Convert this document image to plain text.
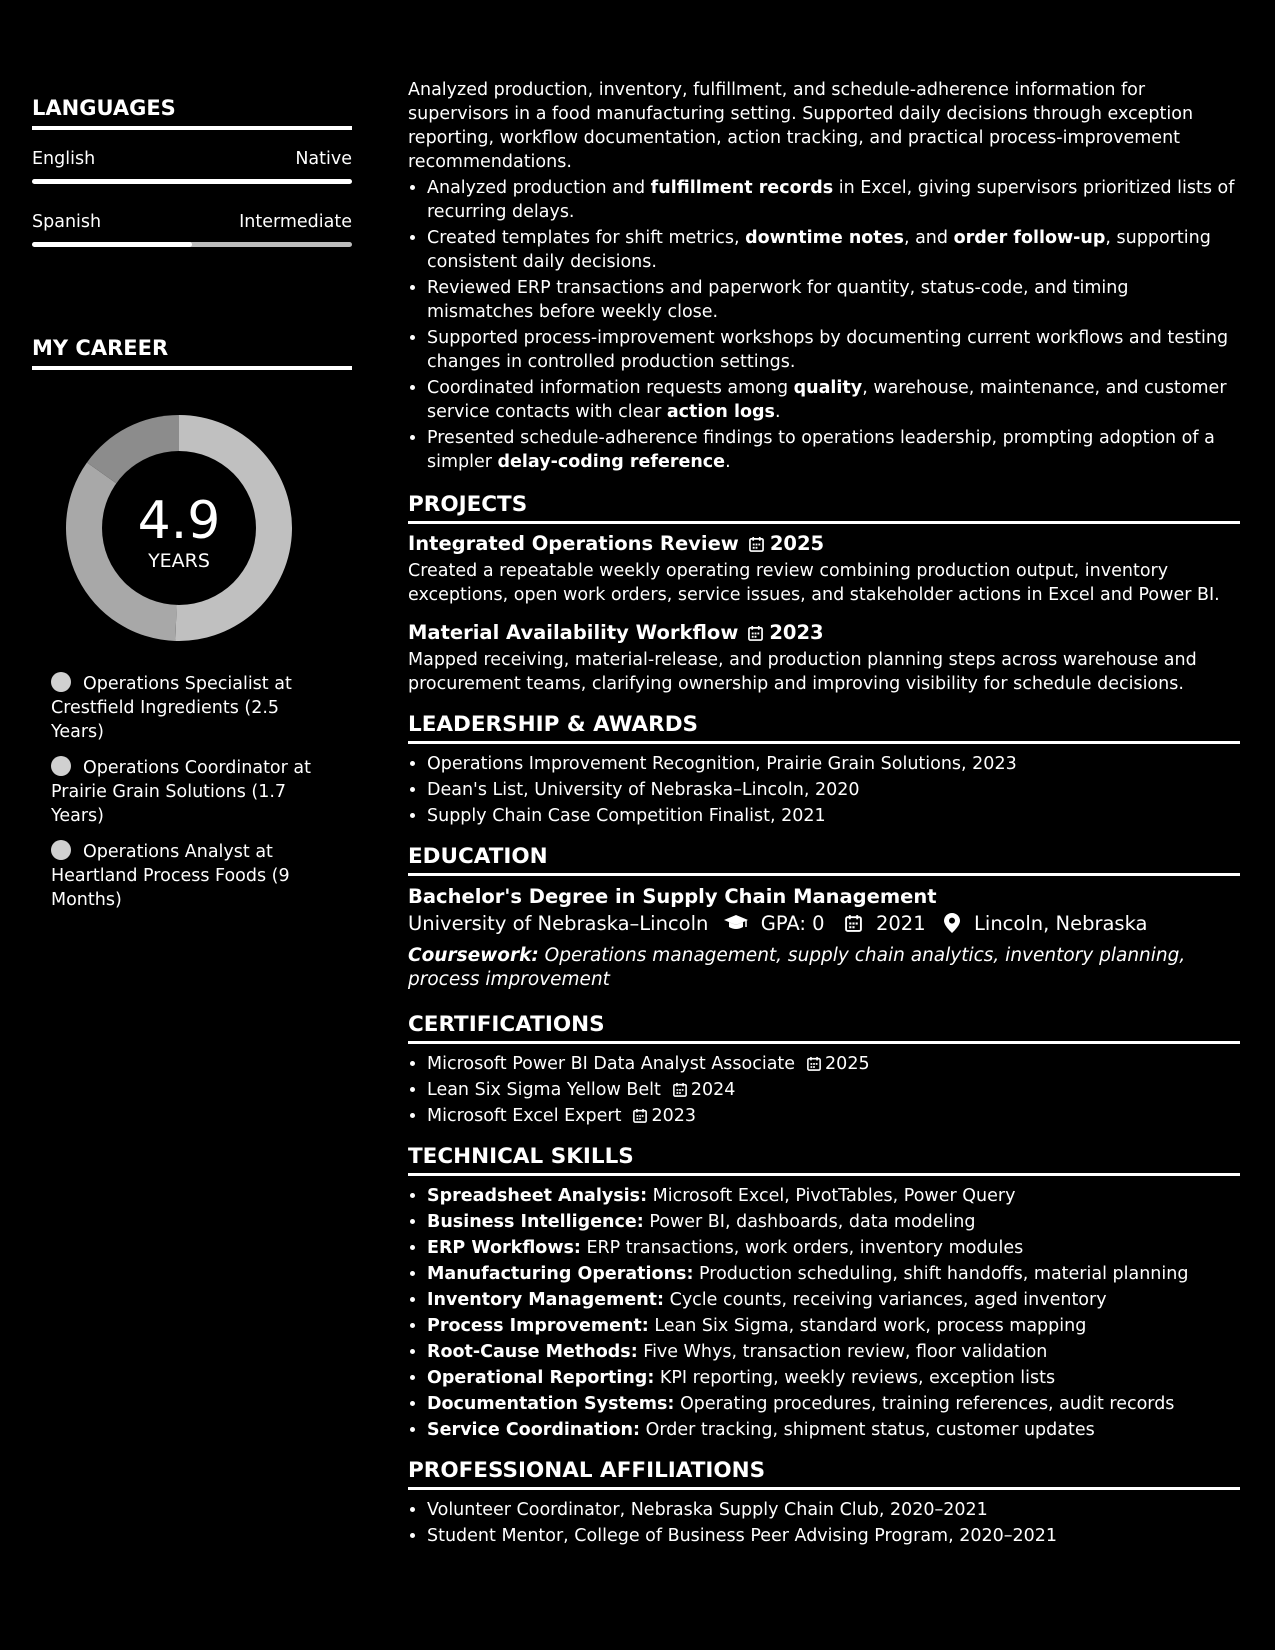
LANGUAGES
English	Native
Spanish	Intermediate
MY CAREER
4.9
YEARS
Operations Specialist at Crestfield Ingredients (2.5 Years)
Operations Coordinator at Prairie Grain Solutions (1.7 Years)
Operations Analyst at Heartland Process Foods (9 Months)

Analyzed production, inventory, fulfillment, and schedule-adherence information for supervisors in a food manufacturing setting. Supported daily decisions through exception reporting, workflow documentation, action tracking, and practical process-improvement recommendations.

• Analyzed production and fulfillment records in Excel, giving supervisors prioritized lists of recurring delays.
• Created templates for shift metrics, downtime notes, and order follow-up, supporting consistent daily decisions.
• Reviewed ERP transactions and paperwork for quantity, status-code, and timing mismatches before weekly close.
• Supported process-improvement workshops by documenting current workflows and testing changes in controlled production settings.
• Coordinated information requests among quality, warehouse, maintenance, and customer service contacts with clear action logs.
• Presented schedule-adherence findings to operations leadership, prompting adoption of a simpler delay-coding reference.
PROJECTS
Integrated Operations Review 2025

Created a repeatable weekly operating review combining production output, inventory exceptions, open work orders, service issues, and stakeholder actions in Excel and Power BI.

Material Availability Workflow 2023

Mapped receiving, material-release, and production planning steps across warehouse and procurement teams, clarifying ownership and improving visibility for schedule decisions.

LEADERSHIP & AWARDS
• Operations Improvement Recognition, Prairie Grain Solutions, 2023
• Dean's List, University of Nebraska–Lincoln, 2020
• Supply Chain Case Competition Finalist, 2021
EDUCATION
Bachelor's Degree in Supply Chain Management

University of Nebraska–Lincoln	GPA: 0	2021 Lincoln, Nebraska

Coursework: Operations management, supply chain analytics, inventory planning, process improvement

CERTIFICATIONS
• Microsoft Power BI Data Analyst Associate 2025
• Lean Six Sigma Yellow Belt 2024
• Microsoft Excel Expert 2023
TECHNICAL SKILLS
• Spreadsheet Analysis: Microsoft Excel, PivotTables, Power Query
• Business Intelligence: Power BI, dashboards, data modeling
• ERP Workflows: ERP transactions, work orders, inventory modules
• Manufacturing Operations: Production scheduling, shift handoffs, material planning
• Inventory Management: Cycle counts, receiving variances, aged inventory
• Process Improvement: Lean Six Sigma, standard work, process mapping
• Root-Cause Methods: Five Whys, transaction review, floor validation
• Operational Reporting: KPI reporting, weekly reviews, exception lists
• Documentation Systems: Operating procedures, training references, audit records
• Service Coordination: Order tracking, shipment status, customer updates
PROFESSIONAL AFFILIATIONS
• Volunteer Coordinator, Nebraska Supply Chain Club, 2020–2021
• Student Mentor, College of Business Peer Advising Program, 2020–2021
